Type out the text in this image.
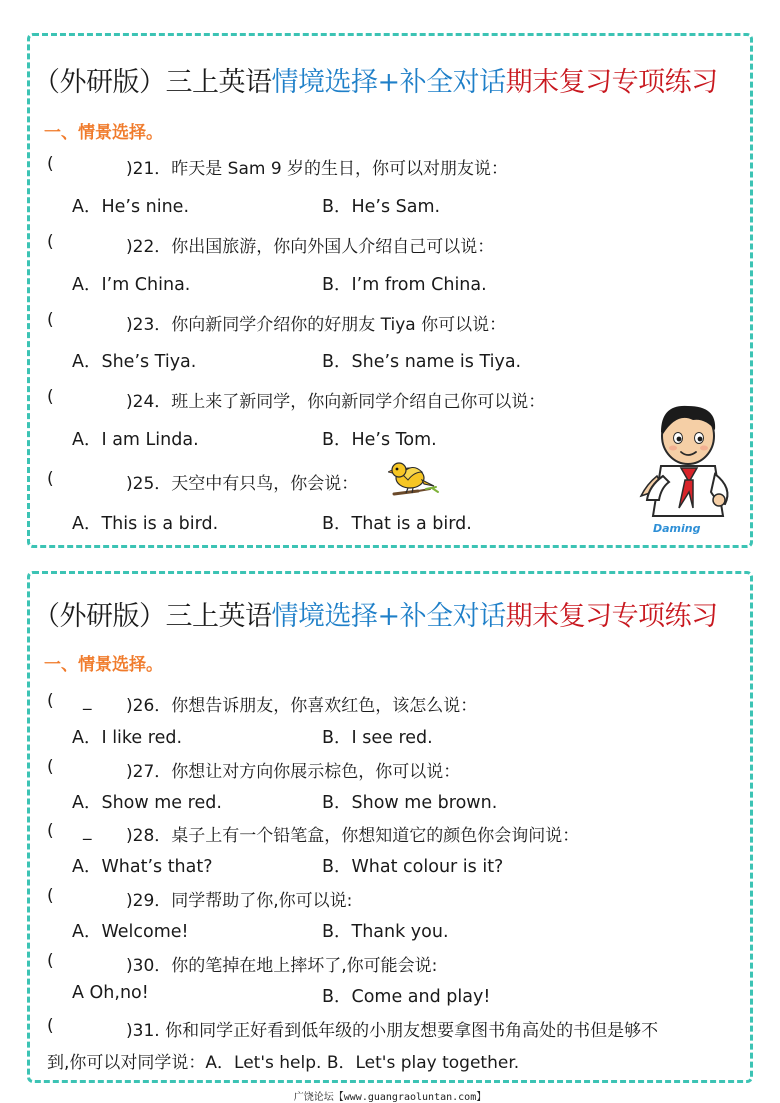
（外研版）三上英语情境选择+补全对话期末复习专项练习
一、情景选择。
(	)21．昨天是 Sam 9 岁的生日，你可以对朋友说：
A．He’s nine.	B．He’s Sam.
(	)22．你出国旅游，你向外国人介绍自己可以说：
A．I’m China.	B．I’m from China.
(	)23．你向新同学介绍你的好朋友 Tiya 你可以说：
A．She’s Tiya.	B．She’s name is Tiya.
(	)24．班上来了新同学，你向新同学介绍自己你可以说：
A．I am Linda.	B．He’s Tom.
(	)25．天空中有只鸟，你会说：
A．This is a bird.	B．That is a bird.	Daming
（外研版）三上英语情境选择+补全对话期末复习专项练习
一、情景选择。
( _ )26．你想告诉朋友，你喜欢红色，该怎么说：
A．I like red.	B．I see red.
(	)27．你想让对方向你展示棕色，你可以说：
A．Show me red.	B．Show me brown.
( _ )28．桌子上有一个铅笔盒，你想知道它的颜色你会询问说：
A．What’s that?	B．What colour is it?
(	)29．同学帮助了你,你可以说:
A．Welcome!	B．Thank you.
(	)30．你的笔掉在地上摔坏了,你可能会说:
A Oh,no!	B．Come and play!
(	)31. 你和同学正好看到低年级的小朋友想要拿图书角高处的书但是够不
到,你可以对同学说：A．Let's help. B．Let's play together.
广饶论坛【www.guangraoluntan.com】
